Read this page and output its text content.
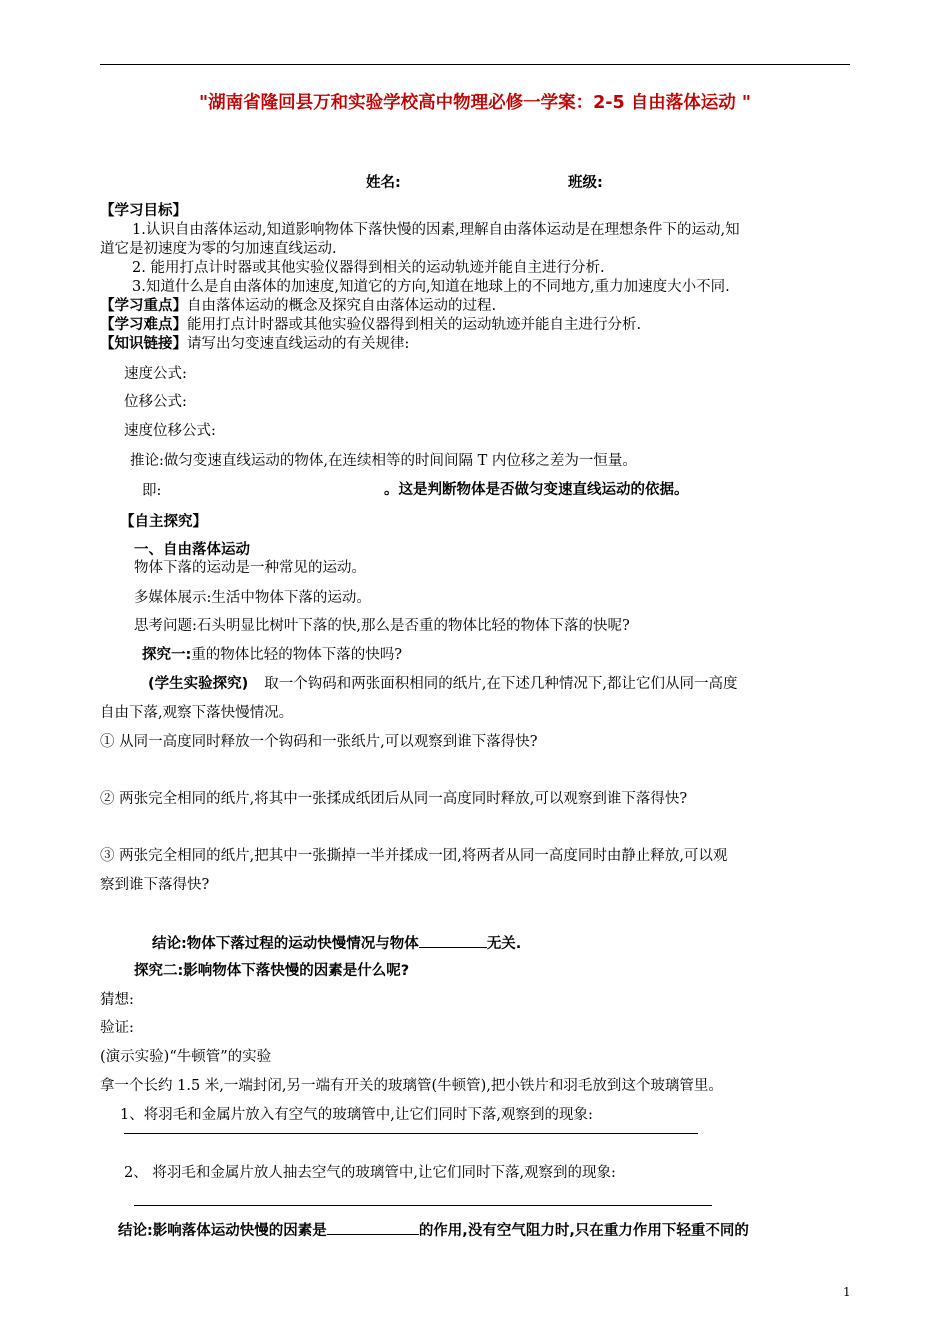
"湖南省隆回县万和实验学校高中物理必修一学案：2-5 自由落体运动 "
姓名:	班级:
【学习目标】
1.认识自由落体运动,知道影响物体下落快慢的因素,理解自由落体运动是在理想条件下的运动,知
道它是初速度为零的匀加速直线运动.
2. 能用打点计时器或其他实验仪器得到相关的运动轨迹并能自主进行分析.
3.知道什么是自由落体的加速度,知道它的方向,知道在地球上的不同地方,重力加速度大小不同.
【学习重点】自由落体运动的概念及探究自由落体运动的过程.
【学习难点】能用打点计时器或其他实验仪器得到相关的运动轨迹并能自主进行分析.
【知识链接】请写出匀变速直线运动的有关规律:
速度公式:
位移公式:
速度位移公式:
推论:做匀变速直线运动的物体,在连续相等的时间间隔 T 内位移之差为一恒量。
即:	。这是判断物体是否做匀变速直线运动的依据。
【自主探究】
一、自由落体运动
物体下落的运动是一种常见的运动。
多媒体展示:生活中物体下落的运动。
思考问题:石头明显比树叶下落的快,那么是否重的物体比轻的物体下落的快呢?
探究一:重的物体比轻的物体下落的快吗?
(学生实验探究) 取一个钩码和两张面积相同的纸片,在下述几种情况下,都让它们从同一高度
自由下落,观察下落快慢情况。
① 从同一高度同时释放一个钩码和一张纸片,可以观察到谁下落得快?
② 两张完全相同的纸片,将其中一张揉成纸团后从同一高度同时释放,可以观察到谁下落得快?
③ 两张完全相同的纸片,把其中一张撕掉一半并揉成一团,将两者从同一高度同时由静止释放,可以观
察到谁下落得快?
结论:物体下落过程的运动快慢情况与物体	无关.
探究二:影响物体下落快慢的因素是什么呢?
猜想:
验证:
(演示实验)“牛顿管”的实验
拿一个长约 1.5 米,一端封闭,另一端有开关的玻璃管(牛顿管),把小铁片和羽毛放到这个玻璃管里。
1、将羽毛和金属片放入有空气的玻璃管中,让它们同时下落,观察到的现象:
2、 将羽毛和金属片放人抽去空气的玻璃管中,让它们同时下落,观察到的现象:
结论:影响落体运动快慢的因素是	的作用,没有空气阻力时,只在重力作用下轻重不同的
1
